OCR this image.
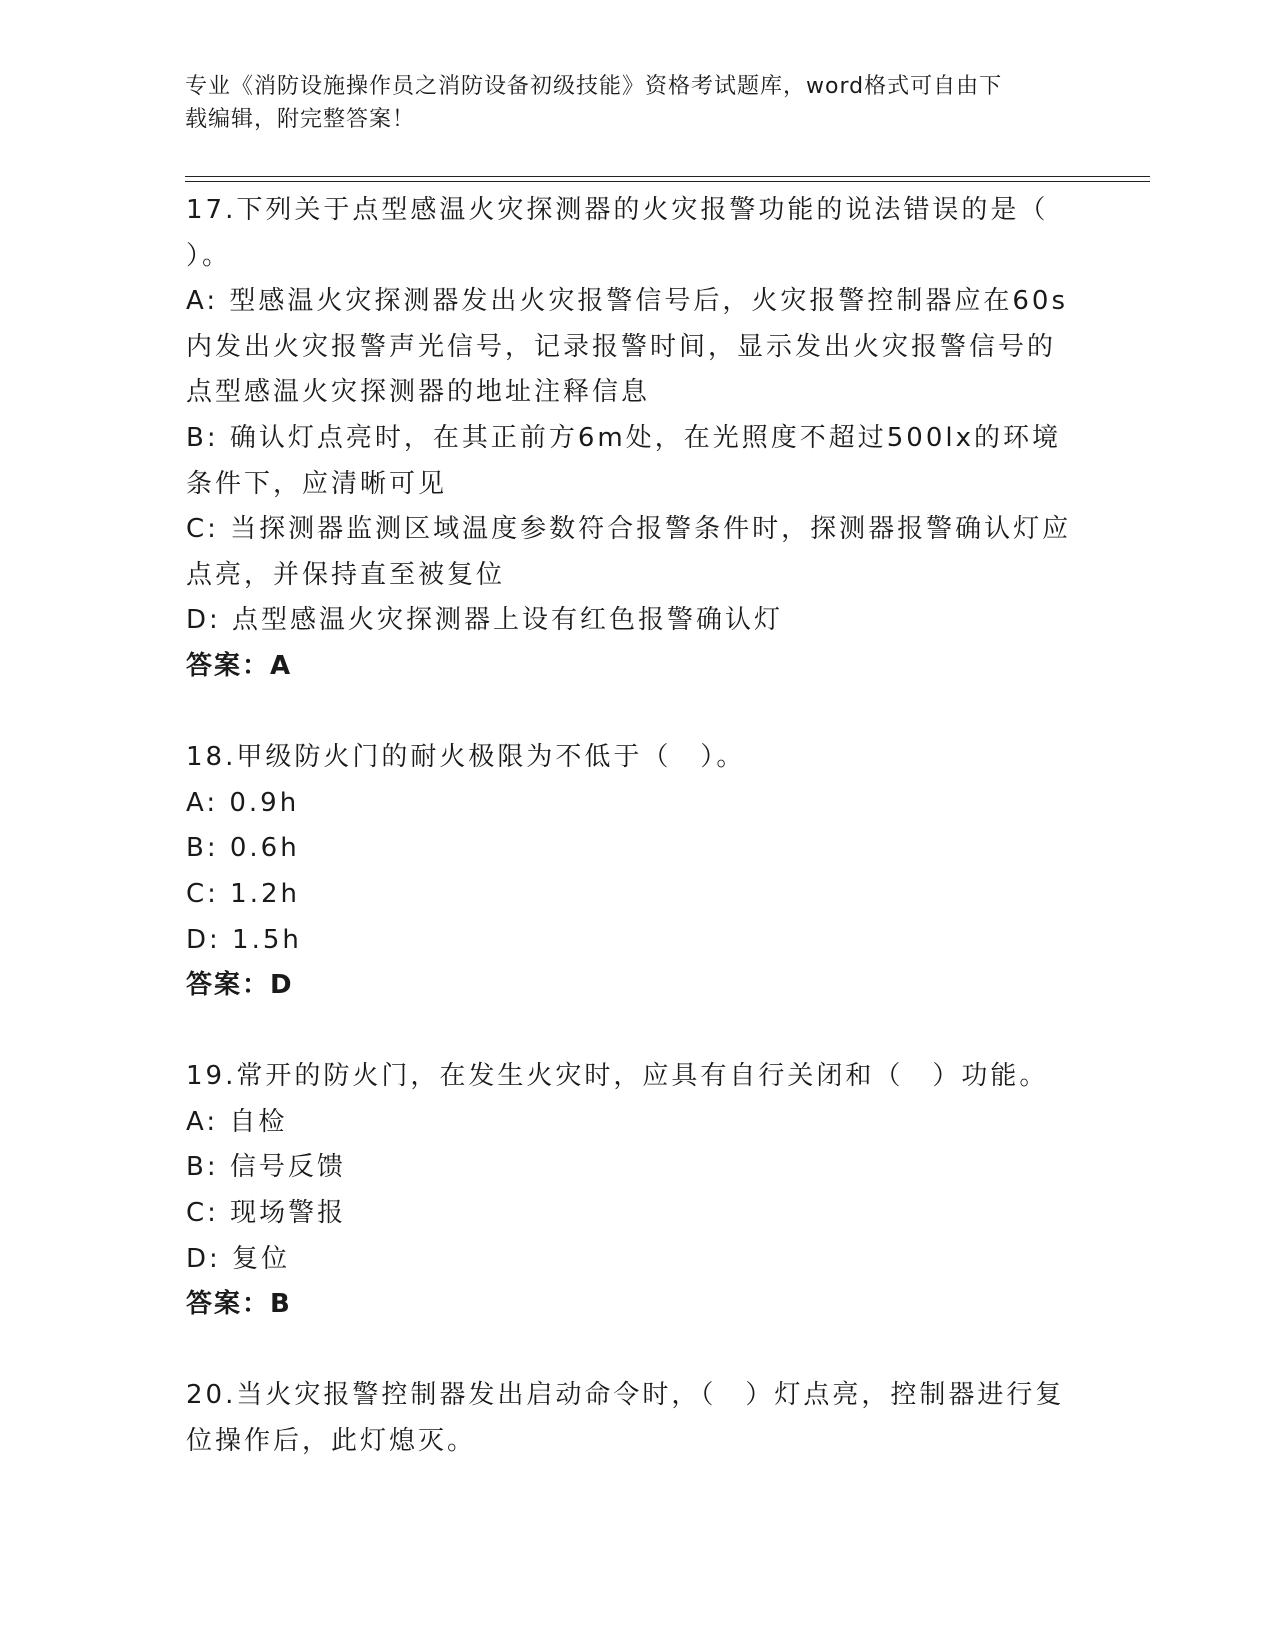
专业《消防设施操作员之消防设备初级技能》资格考试题库，word格式可自由下
载编辑，附完整答案！
17.下列关于点型感温火灾探测器的火灾报警功能的说法错误的是（
）。
A: 型感温火灾探测器发出火灾报警信号后，火灾报警控制器应在60s
内发出火灾报警声光信号，记录报警时间，显示发出火灾报警信号的
点型感温火灾探测器的地址注释信息
B: 确认灯点亮时，在其正前方6m处，在光照度不超过500lx的环境
条件下，应清晰可见
C: 当探测器监测区域温度参数符合报警条件时，探测器报警确认灯应
点亮，并保持直至被复位
D: 点型感温火灾探测器上设有红色报警确认灯
答案：A
18.甲级防火门的耐火极限为不低于（　）。
A: 0.9h
B: 0.6h
C: 1.2h
D: 1.5h
答案：D
19.常开的防火门，在发生火灾时，应具有自行关闭和（　）功能。
A: 自检
B: 信号反馈
C: 现场警报
D: 复位
答案：B
20.当火灾报警控制器发出启动命令时，（　）灯点亮，控制器进行复
位操作后，此灯熄灭。
